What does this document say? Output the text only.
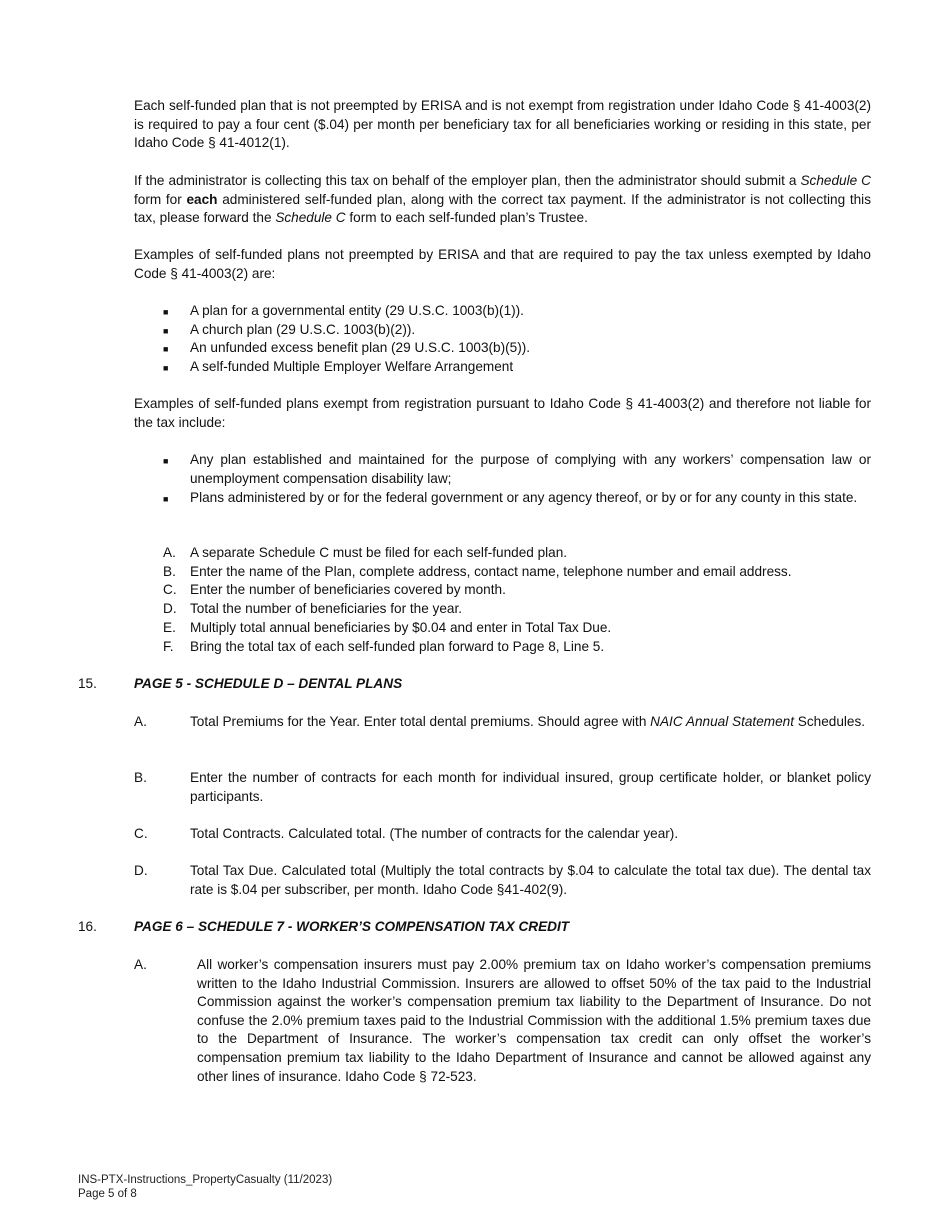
Each self-funded plan that is not preempted by ERISA and is not exempt from registration under Idaho Code § 41-4003(2) is required to pay a four cent ($.04) per month per beneficiary tax for all beneficiaries working or residing in this state, per Idaho Code § 41-4012(1).
If the administrator is collecting this tax on behalf of the employer plan, then the administrator should submit a Schedule C form for each administered self-funded plan, along with the correct tax payment. If the administrator is not collecting this tax, please forward the Schedule C form to each self-funded plan’s Trustee.
Examples of self-funded plans not preempted by ERISA and that are required to pay the tax unless exempted by Idaho Code § 41-4003(2) are:
■	A plan for a governmental entity (29 U.S.C. 1003(b)(1)).
■	A church plan (29 U.S.C. 1003(b)(2)).
■	An unfunded excess benefit plan (29 U.S.C. 1003(b)(5)).
■	A self-funded Multiple Employer Welfare Arrangement
Examples of self-funded plans exempt from registration pursuant to Idaho Code § 41-4003(2) and therefore not liable for the tax include:
■	Any plan established and maintained for the purpose of complying with any workers’ compensation law or unemployment compensation disability law;
■	Plans administered by or for the federal government or any agency thereof, or by or for any county in this state.
A.	A separate Schedule C must be filed for each self-funded plan.
B.	Enter the name of the Plan, complete address, contact name, telephone number and email address.
C. Enter the number of beneficiaries covered by month.
D. Total the number of beneficiaries for the year.
E.	Multiply total annual beneficiaries by $0.04 and enter in Total Tax Due.
F.	Bring the total tax of each self-funded plan forward to Page 8, Line 5.
15.	PAGE 5 - SCHEDULE D – DENTAL PLANS
A.	Total Premiums for the Year. Enter total dental premiums. Should agree with NAIC Annual Statement Schedules.
B.	Enter the number of contracts for each month for individual insured, group certificate holder, or blanket policy participants.
C.	Total Contracts. Calculated total. (The number of contracts for the calendar year).
D.	Total Tax Due. Calculated total (Multiply the total contracts by $.04 to calculate the total tax due). The dental tax rate is $.04 per subscriber, per month. Idaho Code §41-402(9).
16.	PAGE 6 – SCHEDULE 7 - WORKER’S COMPENSATION TAX CREDIT
A.	All worker’s compensation insurers must pay 2.00% premium tax on Idaho worker’s compensation premiums written to the Idaho Industrial Commission. Insurers are allowed to offset 50% of the tax paid to the Industrial Commission against the worker’s compensation premium tax liability to the Department of Insurance. Do not confuse the 2.0% premium taxes paid to the Industrial Commission with the additional 1.5% premium taxes due to the Department of Insurance. The worker’s compensation tax credit can only offset the worker’s compensation premium tax liability to the Idaho Department of Insurance and cannot be allowed against any other lines of insurance. Idaho Code § 72-523.
INS-PTX-Instructions_PropertyCasualty (11/2023)
Page 5 of 8
